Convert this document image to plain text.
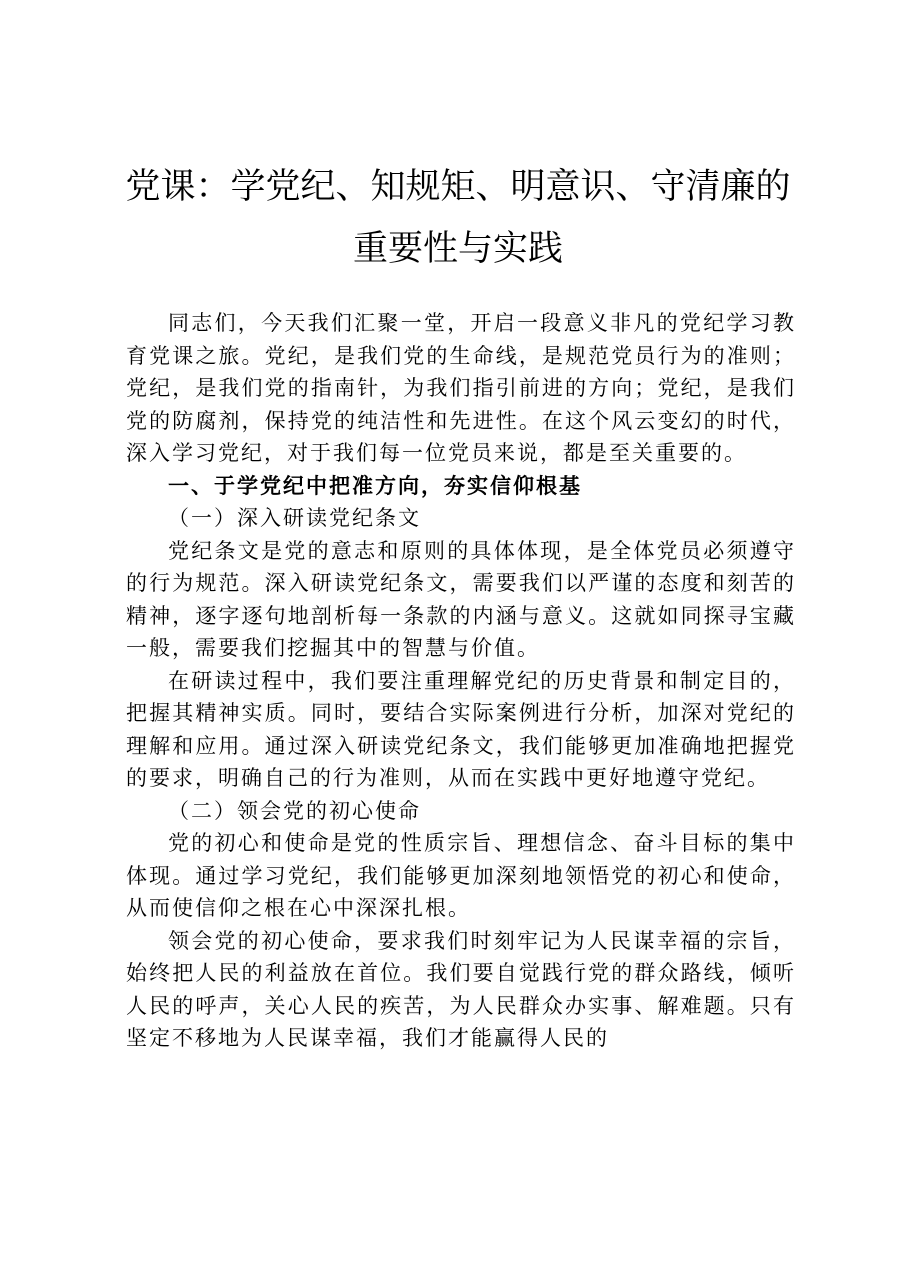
党课：学党纪、知规矩、明意识、守清廉的重要性与实践

同志们，今天我们汇聚一堂，开启一段意义非凡的党纪学习教育党课之旅。党纪，是我们党的生命线，是规范党员行为的准则；党纪，是我们党的指南针，为我们指引前进的方向；党纪，是我们党的防腐剂，保持党的纯洁性和先进性。在这个风云变幻的时代，深入学习党纪，对于我们每一位党员来说，都是至关重要的。

一、于学党纪中把准方向，夯实信仰根基

（一）深入研读党纪条文

党纪条文是党的意志和原则的具体体现，是全体党员必须遵守的行为规范。深入研读党纪条文，需要我们以严谨的态度和刻苦的精神，逐字逐句地剖析每一条款的内涵与意义。这就如同探寻宝藏一般，需要我们挖掘其中的智慧与价值。

在研读过程中，我们要注重理解党纪的历史背景和制定目的，把握其精神实质。同时，要结合实际案例进行分析，加深对党纪的理解和应用。通过深入研读党纪条文，我们能够更加准确地把握党的要求，明确自己的行为准则，从而在实践中更好地遵守党纪。

（二）领会党的初心使命

党的初心和使命是党的性质宗旨、理想信念、奋斗目标的集中体现。通过学习党纪，我们能够更加深刻地领悟党的初心和使命，从而使信仰之根在心中深深扎根。

领会党的初心使命，要求我们时刻牢记为人民谋幸福的宗旨，始终把人民的利益放在首位。我们要自觉践行党的群众路线，倾听人民的呼声，关心人民的疾苦，为人民群众办实事、解难题。只有坚定不移地为人民谋幸福，我们才能赢得人民的
